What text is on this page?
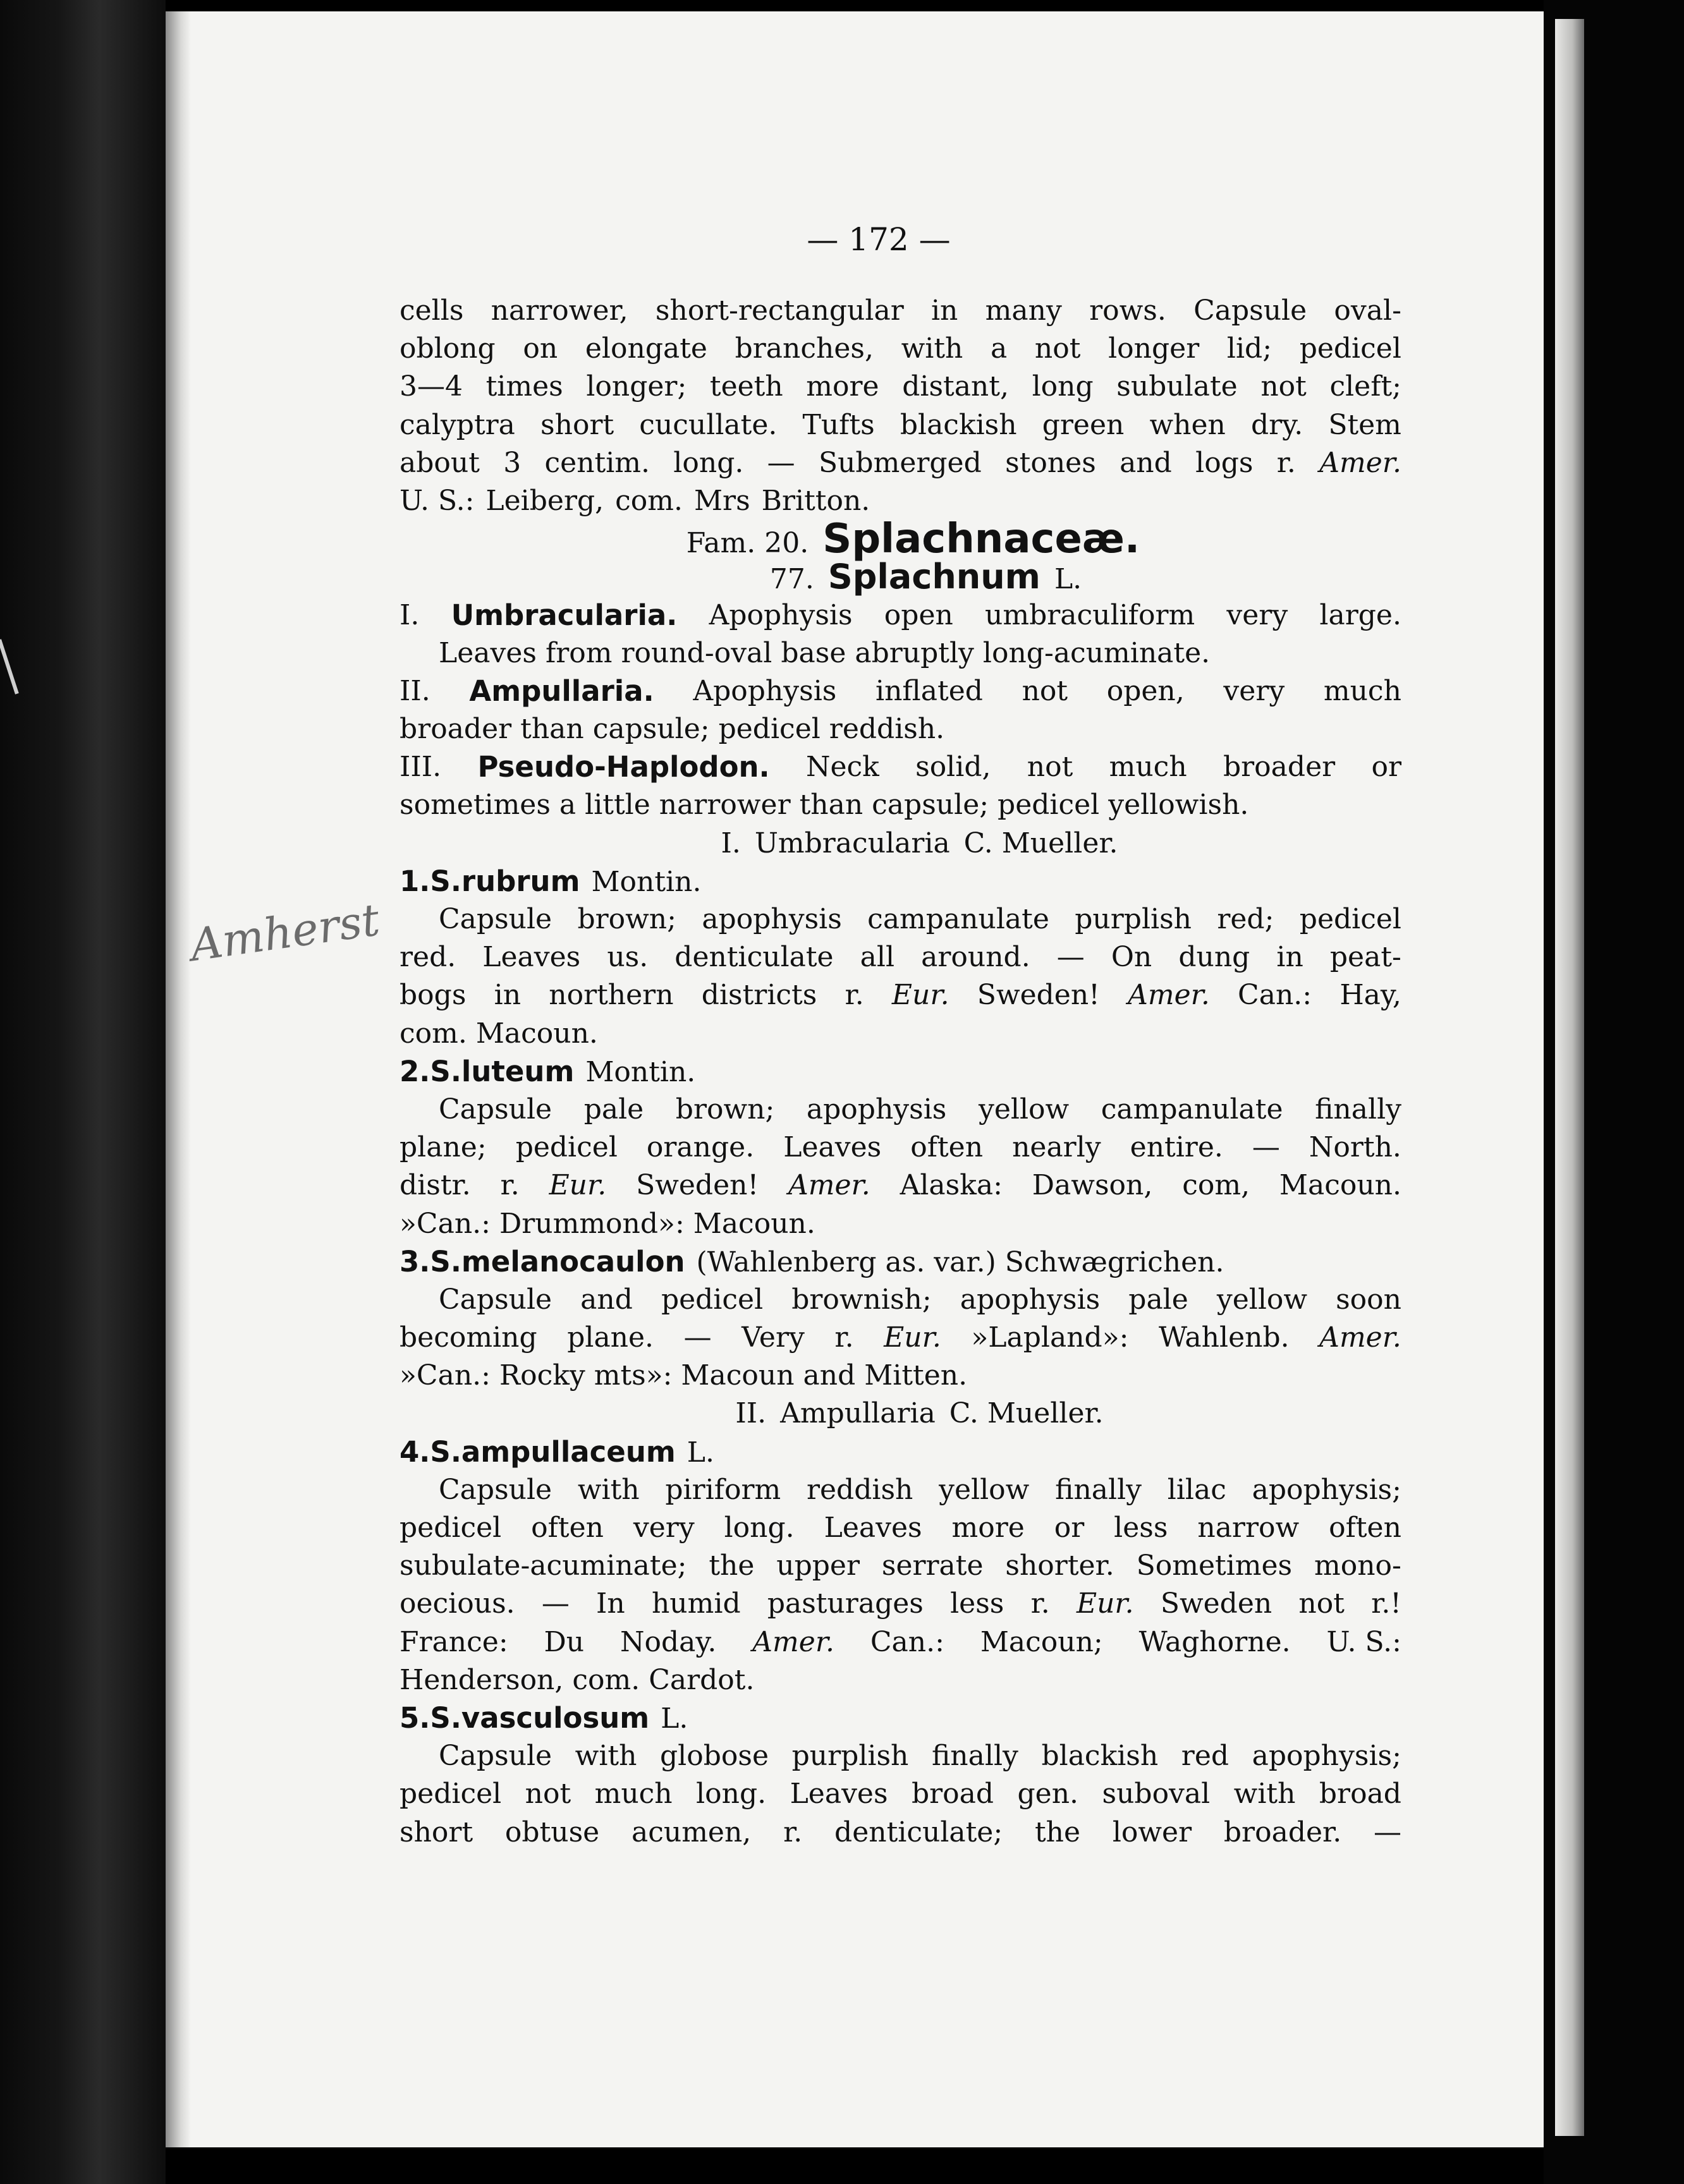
— 172 —
Amherst
cells narrower, short-rectangular in many rows. Capsule oval-
oblong on elongate branches, with a not longer lid; pedicel
3—4 times longer; teeth more distant, long subulate not cleft;
calyptra short cucullate. Tufts blackish green when dry. Stem
about 3 centim. long. — Submerged stones and logs r. Amer.
U. S.: Leiberg, com. Mrs Britton.
Fam. 20. Splachnaceæ.
77. Splachnum L.
I. Umbracularia. Apophysis open umbraculiform very large.
Leaves from round-oval base abruptly long-acuminate.
II. Ampullaria. Apophysis inflated not open, very much
broader than capsule; pedicel reddish.
III. Pseudo-Haplodon. Neck solid, not much broader or
sometimes a little narrower than capsule; pedicel yellowish.
I. Umbracularia C. Mueller.
1.S.rubrum Montin.
Capsule brown; apophysis campanulate purplish red; pedicel
red. Leaves us. denticulate all around. — On dung in peat-
bogs in northern districts r. Eur. Sweden! Amer. Can.: Hay,
com. Macoun.
2.S.luteum Montin.
Capsule pale brown; apophysis yellow campanulate finally
plane; pedicel orange. Leaves often nearly entire. — North.
distr. r. Eur. Sweden! Amer. Alaska: Dawson, com, Macoun.
»Can.: Drummond»: Macoun.
3.S.melanocaulon (Wahlenberg as. var.) Schwægrichen.
Capsule and pedicel brownish; apophysis pale yellow soon
becoming plane. — Very r. Eur. »Lapland»: Wahlenb. Amer.
»Can.: Rocky mts»: Macoun and Mitten.
II. Ampullaria C. Mueller.
4.S.ampullaceum L.
Capsule with piriform reddish yellow finally lilac apophysis;
pedicel often very long. Leaves more or less narrow often
subulate-acuminate; the upper serrate shorter. Sometimes mono-
oecious. — In humid pasturages less r. Eur. Sweden not r.!
France: Du Noday. Amer. Can.: Macoun; Waghorne. U. S.:
Henderson, com. Cardot.
5.S.vasculosum L.
Capsule with globose purplish finally blackish red apophysis;
pedicel not much long. Leaves broad gen. suboval with broad
short obtuse acumen, r. denticulate; the lower broader. —
